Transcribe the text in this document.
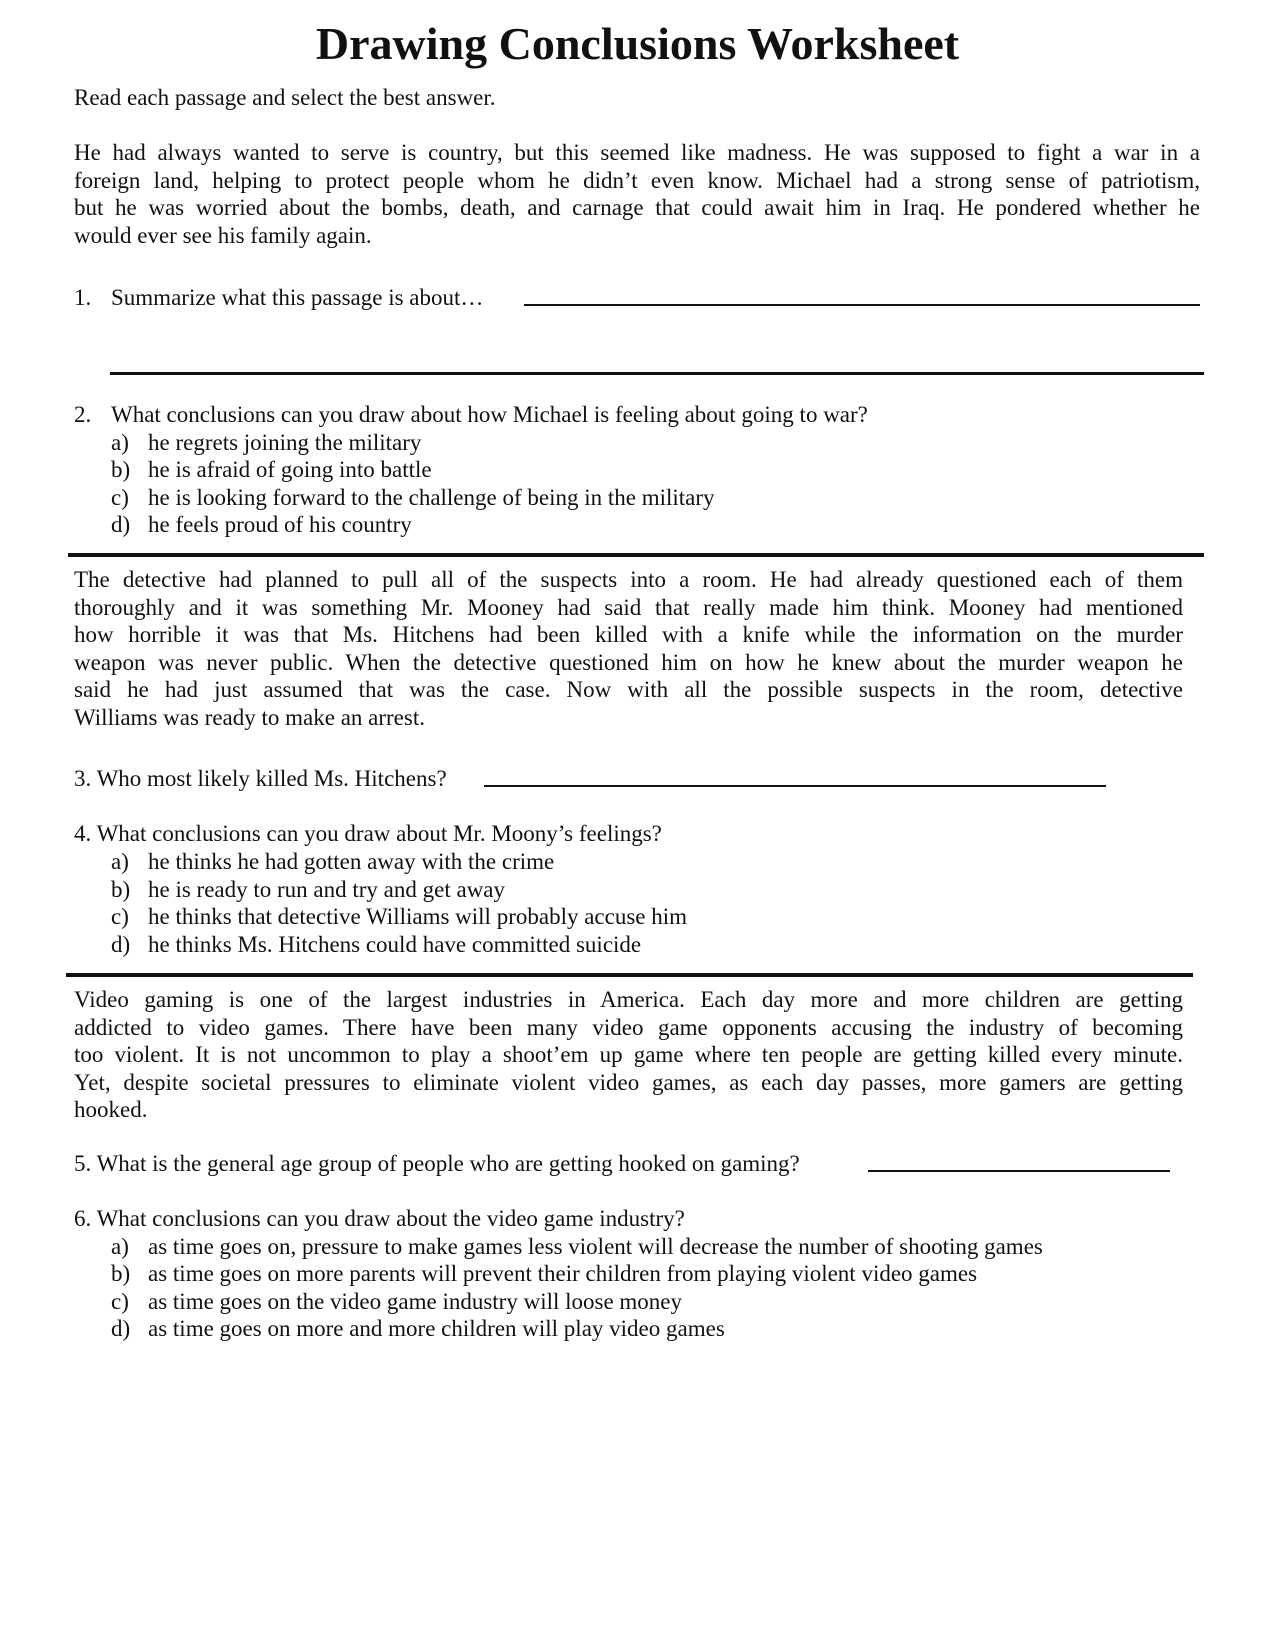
Drawing Conclusions Worksheet
Read each passage and select the best answer.
He had always wanted to serve is country, but this seemed like madness. He was supposed to fight a war in a
foreign land, helping to protect people whom he didn’t even know. Michael had a strong sense of patriotism,
but he was worried about the bombs, death, and carnage that could await him in Iraq. He pondered whether he
would ever see his family again.
1. Summarize what this passage is about…
2. What conclusions can you draw about how Michael is feeling about going to war?
a) he regrets joining the military
b) he is afraid of going into battle
c) he is looking forward to the challenge of being in the military
d) he feels proud of his country
The detective had planned to pull all of the suspects into a room. He had already questioned each of them
thoroughly and it was something Mr. Mooney had said that really made him think. Mooney had mentioned
how horrible it was that Ms. Hitchens had been killed with a knife while the information on the murder
weapon was never public. When the detective questioned him on how he knew about the murder weapon he
said he had just assumed that was the case. Now with all the possible suspects in the room, detective
Williams was ready to make an arrest.
3. Who most likely killed Ms. Hitchens?
4. What conclusions can you draw about Mr. Moony’s feelings?
a) he thinks he had gotten away with the crime
b) he is ready to run and try and get away
c) he thinks that detective Williams will probably accuse him
d) he thinks Ms. Hitchens could have committed suicide
Video gaming is one of the largest industries in America. Each day more and more children are getting
addicted to video games. There have been many video game opponents accusing the industry of becoming
too violent. It is not uncommon to play a shoot’em up game where ten people are getting killed every minute.
Yet, despite societal pressures to eliminate violent video games, as each day passes, more gamers are getting
hooked.
5. What is the general age group of people who are getting hooked on gaming?
6. What conclusions can you draw about the video game industry?
a) as time goes on, pressure to make games less violent will decrease the number of shooting games
b) as time goes on more parents will prevent their children from playing violent video games
c) as time goes on the video game industry will loose money
d) as time goes on more and more children will play video games
